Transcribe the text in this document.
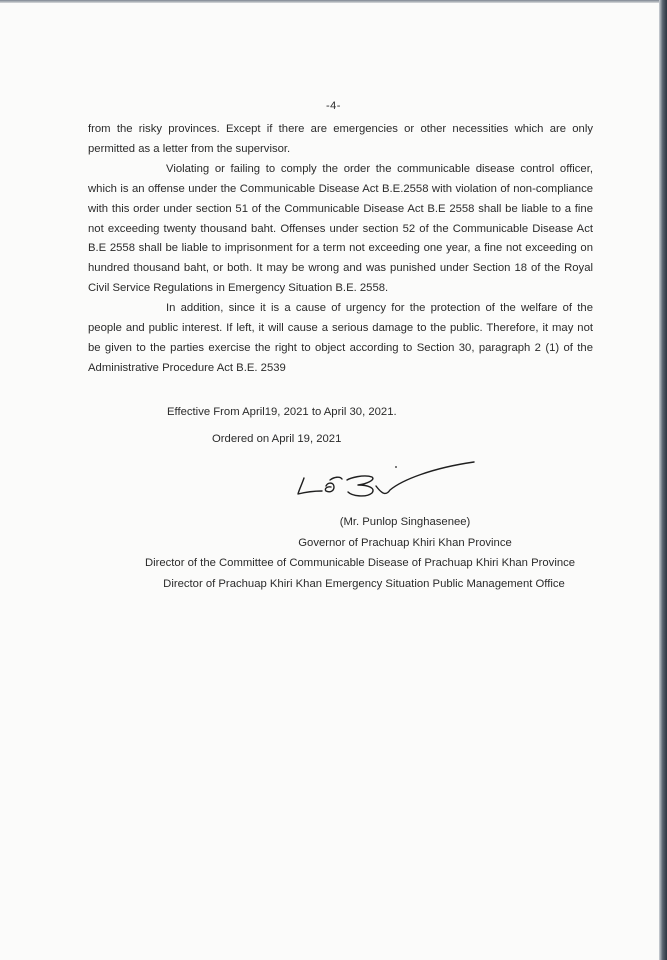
-4-

from the risky provinces. Except if there are emergencies or other necessities which are only permitted as a letter from the supervisor.

Violating or failing to comply the order the communicable disease control officer, which is an offense under the Communicable Disease Act B.E.2558 with violation of non-compliance with this order under section 51 of the Communicable Disease Act B.E 2558 shall be liable to a fine not exceeding twenty thousand baht. Offenses under section 52 of the Communicable Disease Act B.E 2558 shall be liable to imprisonment for a term not exceeding one year, a fine not exceeding on hundred thousand baht, or both. It may be wrong and was punished under Section 18 of the Royal Civil Service Regulations in Emergency Situation B.E. 2558.

In addition, since it is a cause of urgency for the protection of the welfare of the people and public interest. If left, it will cause a serious damage to the public. Therefore, it may not be given to the parties exercise the right to object according to Section 30, paragraph 2 (1) of the Administrative Procedure Act B.E. 2539

Effective From April19, 2021 to April 30, 2021.
Ordered on April 19, 2021
(Mr. Punlop Singhasenee)
Governor of Prachuap Khiri Khan Province
Director of the Committee of Communicable Disease of Prachuap Khiri Khan Province
Director of Prachuap Khiri Khan Emergency Situation Public Management Office
